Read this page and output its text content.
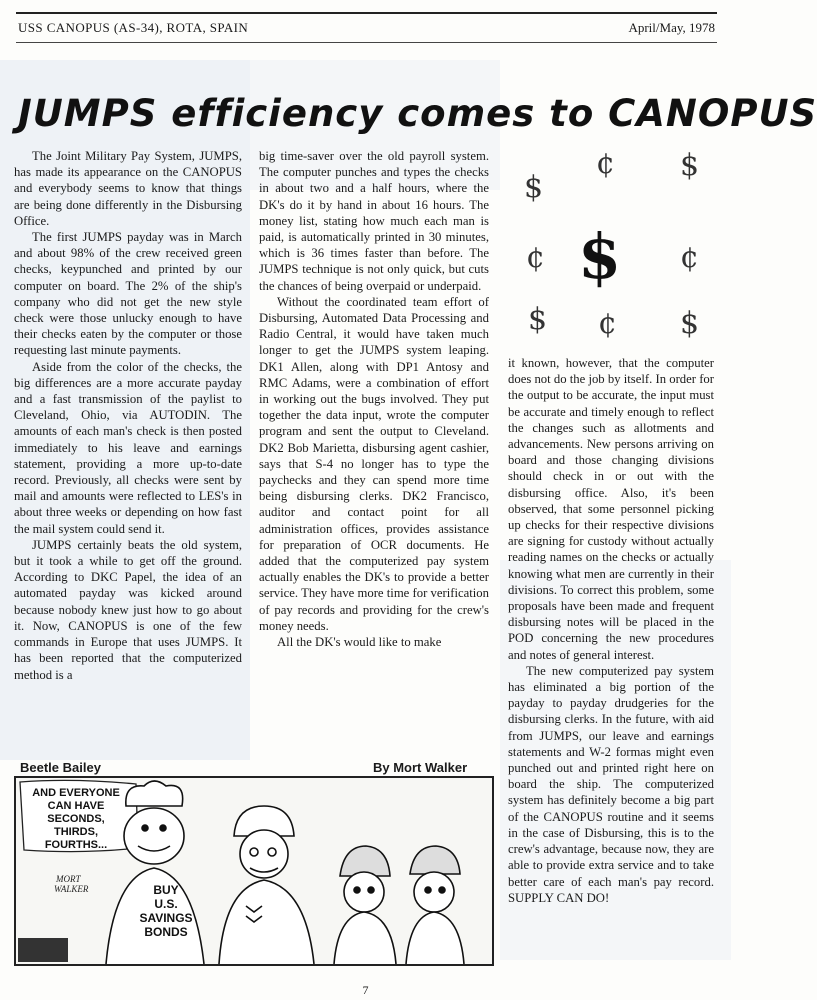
USS CANOPUS (AS-34), ROTA, SPAIN	April/May, 1978
JUMPS efficiency comes to CANOPUS

The Joint Military Pay System, JUMPS, has made its appearance on the CANOPUS and everybody seems to know that things are being done differently in the Disbursing Office.

The first JUMPS payday was in March and about 98% of the crew received green checks, keypunched and printed by our computer on board. The 2% of the ship's company who did not get the new style check were those unlucky enough to have their checks eaten by the computer or those requesting last minute payments.

Aside from the color of the checks, the big differences are a more accurate payday and a fast transmission of the paylist to Cleveland, Ohio, via AUTODIN. The amounts of each man's check is then posted immediately to his leave and earnings statement, providing a more up-to-date record. Previously, all checks were sent by mail and amounts were reflected to LES's in about three weeks or depending on how fast the mail system could send it.

JUMPS certainly beats the old system, but it took a while to get off the ground. According to DKC Papel, the idea of an automated payday was kicked around because nobody knew just how to go about it. Now, CANOPUS is one of the few commands in Europe that uses JUMPS. It has been reported that the computerized method is a

big time-saver over the old payroll system. The computer punches and types the checks in about two and a half hours, where the DK's do it by hand in about 16 hours. The money list, stating how much each man is paid, is automatically printed in 30 minutes, which is 36 times faster than before. The JUMPS technique is not only quick, but cuts the chances of being overpaid or underpaid.

Without the coordinated team effort of Disbursing, Automated Data Processing and Radio Central, it would have taken much longer to get the JUMPS system leaping. DK1 Allen, along with DP1 Antosy and RMC Adams, were a combination of effort in working out the bugs involved. They put together the data input, wrote the computer program and sent the output to Cleveland. DK2 Bob Marietta, disbursing agent cashier, says that S-4 no longer has to type the paychecks and they can spend more time being disbursing clerks. DK2 Francisco, auditor and contact point for all administration offices, provides assistance for preparation of OCR documents. He added that the computerized pay system actually enables the DK's to provide a better service. They have more time for verification of pay records and providing for the crew's money needs.

All the DK's would like to make

$
¢ $
¢ $ ¢
$ ¢ $

it known, however, that the computer does not do the job by itself. In order for the output to be accurate, the input must be accurate and timely enough to reflect the changes such as allotments and advancements. New persons arriving on board and those changing divisions should check in or out with the disbursing office. Also, it's been observed, that some personnel picking up checks for their respective divisions are signing for custody without actually reading names on the checks or actually knowing what men are currently in their divisions. To correct this problem, some proposals have been made and frequent disbursing notes will be placed in the POD concerning the new procedures and notes of general interest.

The new computerized pay system has eliminated a big portion of the payday to payday drudgeries for the disbursing clerks. In the future, with aid from JUMPS, our leave and earnings statements and W-2 formas might even punched out and printed right here on board the ship. The computerized system has definitely become a big part of the CANOPUS routine and it seems in the case of Disbursing, this is to the crew's advantage, because now, they are able to provide extra service and to take better care of each man's pay record. SUPPLY CAN DO!

Beetle Bailey	By Mort Walker
AND EVERYONE
CAN HAVE
SECONDS,
THIRDS,
FOURTHS...
BUY
U.S.
SAVINGS
BONDS
MORT
WALKER
7
